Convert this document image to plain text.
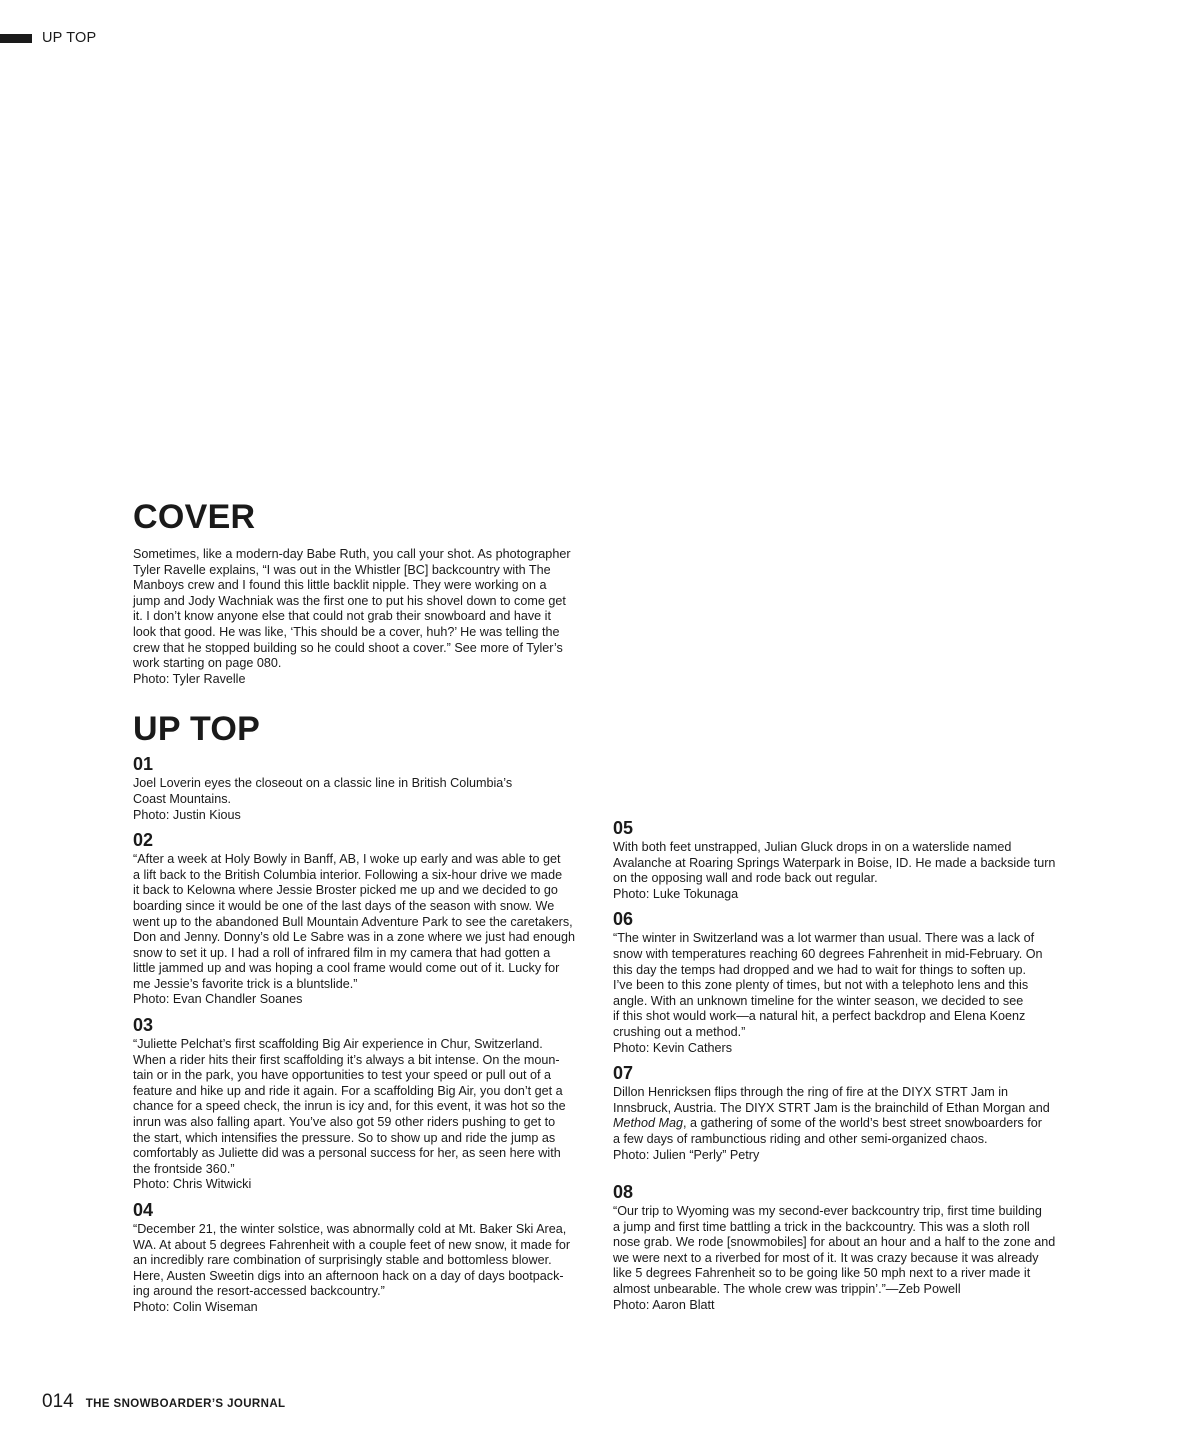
UP TOP
COVER

Sometimes, like a modern-day Babe Ruth, you call your shot. As photographer
Tyler Ravelle explains, “I was out in the Whistler [BC] backcountry with The
Manboys crew and I found this little backlit nipple. They were working on a
jump and Jody Wachniak was the first one to put his shovel down to come get
it. I don’t know anyone else that could not grab their snowboard and have it
look that good. He was like, ‘This should be a cover, huh?’ He was telling the
crew that he stopped building so he could shoot a cover.” See more of Tyler’s
work starting on page 080.

Photo: Tyler Ravelle

UP TOP

01

Joel Loverin eyes the closeout on a classic line in British Columbia’s
Coast Mountains.

Photo: Justin Kious

02

“After a week at Holy Bowly in Banff, AB, I woke up early and was able to get
a lift back to the British Columbia interior. Following a six-hour drive we made
it back to Kelowna where Jessie Broster picked me up and we decided to go
boarding since it would be one of the last days of the season with snow. We
went up to the abandoned Bull Mountain Adventure Park to see the caretakers,
Don and Jenny. Donny’s old Le Sabre was in a zone where we just had enough
snow to set it up. I had a roll of infrared film in my camera that had gotten a
little jammed up and was hoping a cool frame would come out of it. Lucky for
me Jessie’s favorite trick is a bluntslide.”

Photo: Evan Chandler Soanes

03

“Juliette Pelchat’s first scaffolding Big Air experience in Chur, Switzerland.
When a rider hits their first scaffolding it’s always a bit intense. On the moun-
tain or in the park, you have opportunities to test your speed or pull out of a
feature and hike up and ride it again. For a scaffolding Big Air, you don’t get a
chance for a speed check, the inrun is icy and, for this event, it was hot so the
inrun was also falling apart. You’ve also got 59 other riders pushing to get to
the start, which intensifies the pressure. So to show up and ride the jump as
comfortably as Juliette did was a personal success for her, as seen here with
the frontside 360.”

Photo: Chris Witwicki

04

“December 21, the winter solstice, was abnormally cold at Mt. Baker Ski Area,
WA. At about 5 degrees Fahrenheit with a couple feet of new snow, it made for
an incredibly rare combination of surprisingly stable and bottomless blower.
Here, Austen Sweetin digs into an afternoon hack on a day of days bootpack-
ing around the resort-accessed backcountry.”

Photo: Colin Wiseman

05

With both feet unstrapped, Julian Gluck drops in on a waterslide named
Avalanche at Roaring Springs Waterpark in Boise, ID. He made a backside turn
on the opposing wall and rode back out regular.

Photo: Luke Tokunaga

06

“The winter in Switzerland was a lot warmer than usual. There was a lack of
snow with temperatures reaching 60 degrees Fahrenheit in mid-February. On
this day the temps had dropped and we had to wait for things to soften up.
I’ve been to this zone plenty of times, but not with a telephoto lens and this
angle. With an unknown timeline for the winter season, we decided to see
if this shot would work—a natural hit, a perfect backdrop and Elena Koenz
crushing out a method.”

Photo: Kevin Cathers

07

Dillon Henricksen flips through the ring of fire at the DIYX STRT Jam in
Innsbruck, Austria. The DIYX STRT Jam is the brainchild of Ethan Morgan and
Method Mag, a gathering of some of the world’s best street snowboarders for
a few days of rambunctious riding and other semi-organized chaos.

Photo: Julien “Perly” Petry

08

“Our trip to Wyoming was my second-ever backcountry trip, first time building
a jump and first time battling a trick in the backcountry. This was a sloth roll
nose grab. We rode [snowmobiles] for about an hour and a half to the zone and
we were next to a riverbed for most of it. It was crazy because it was already
like 5 degrees Fahrenheit so to be going like 50 mph next to a river made it
almost unbearable. The whole crew was trippin’.”—Zeb Powell

Photo: Aaron Blatt

014 THE SNOWBOARDER’S JOURNAL
